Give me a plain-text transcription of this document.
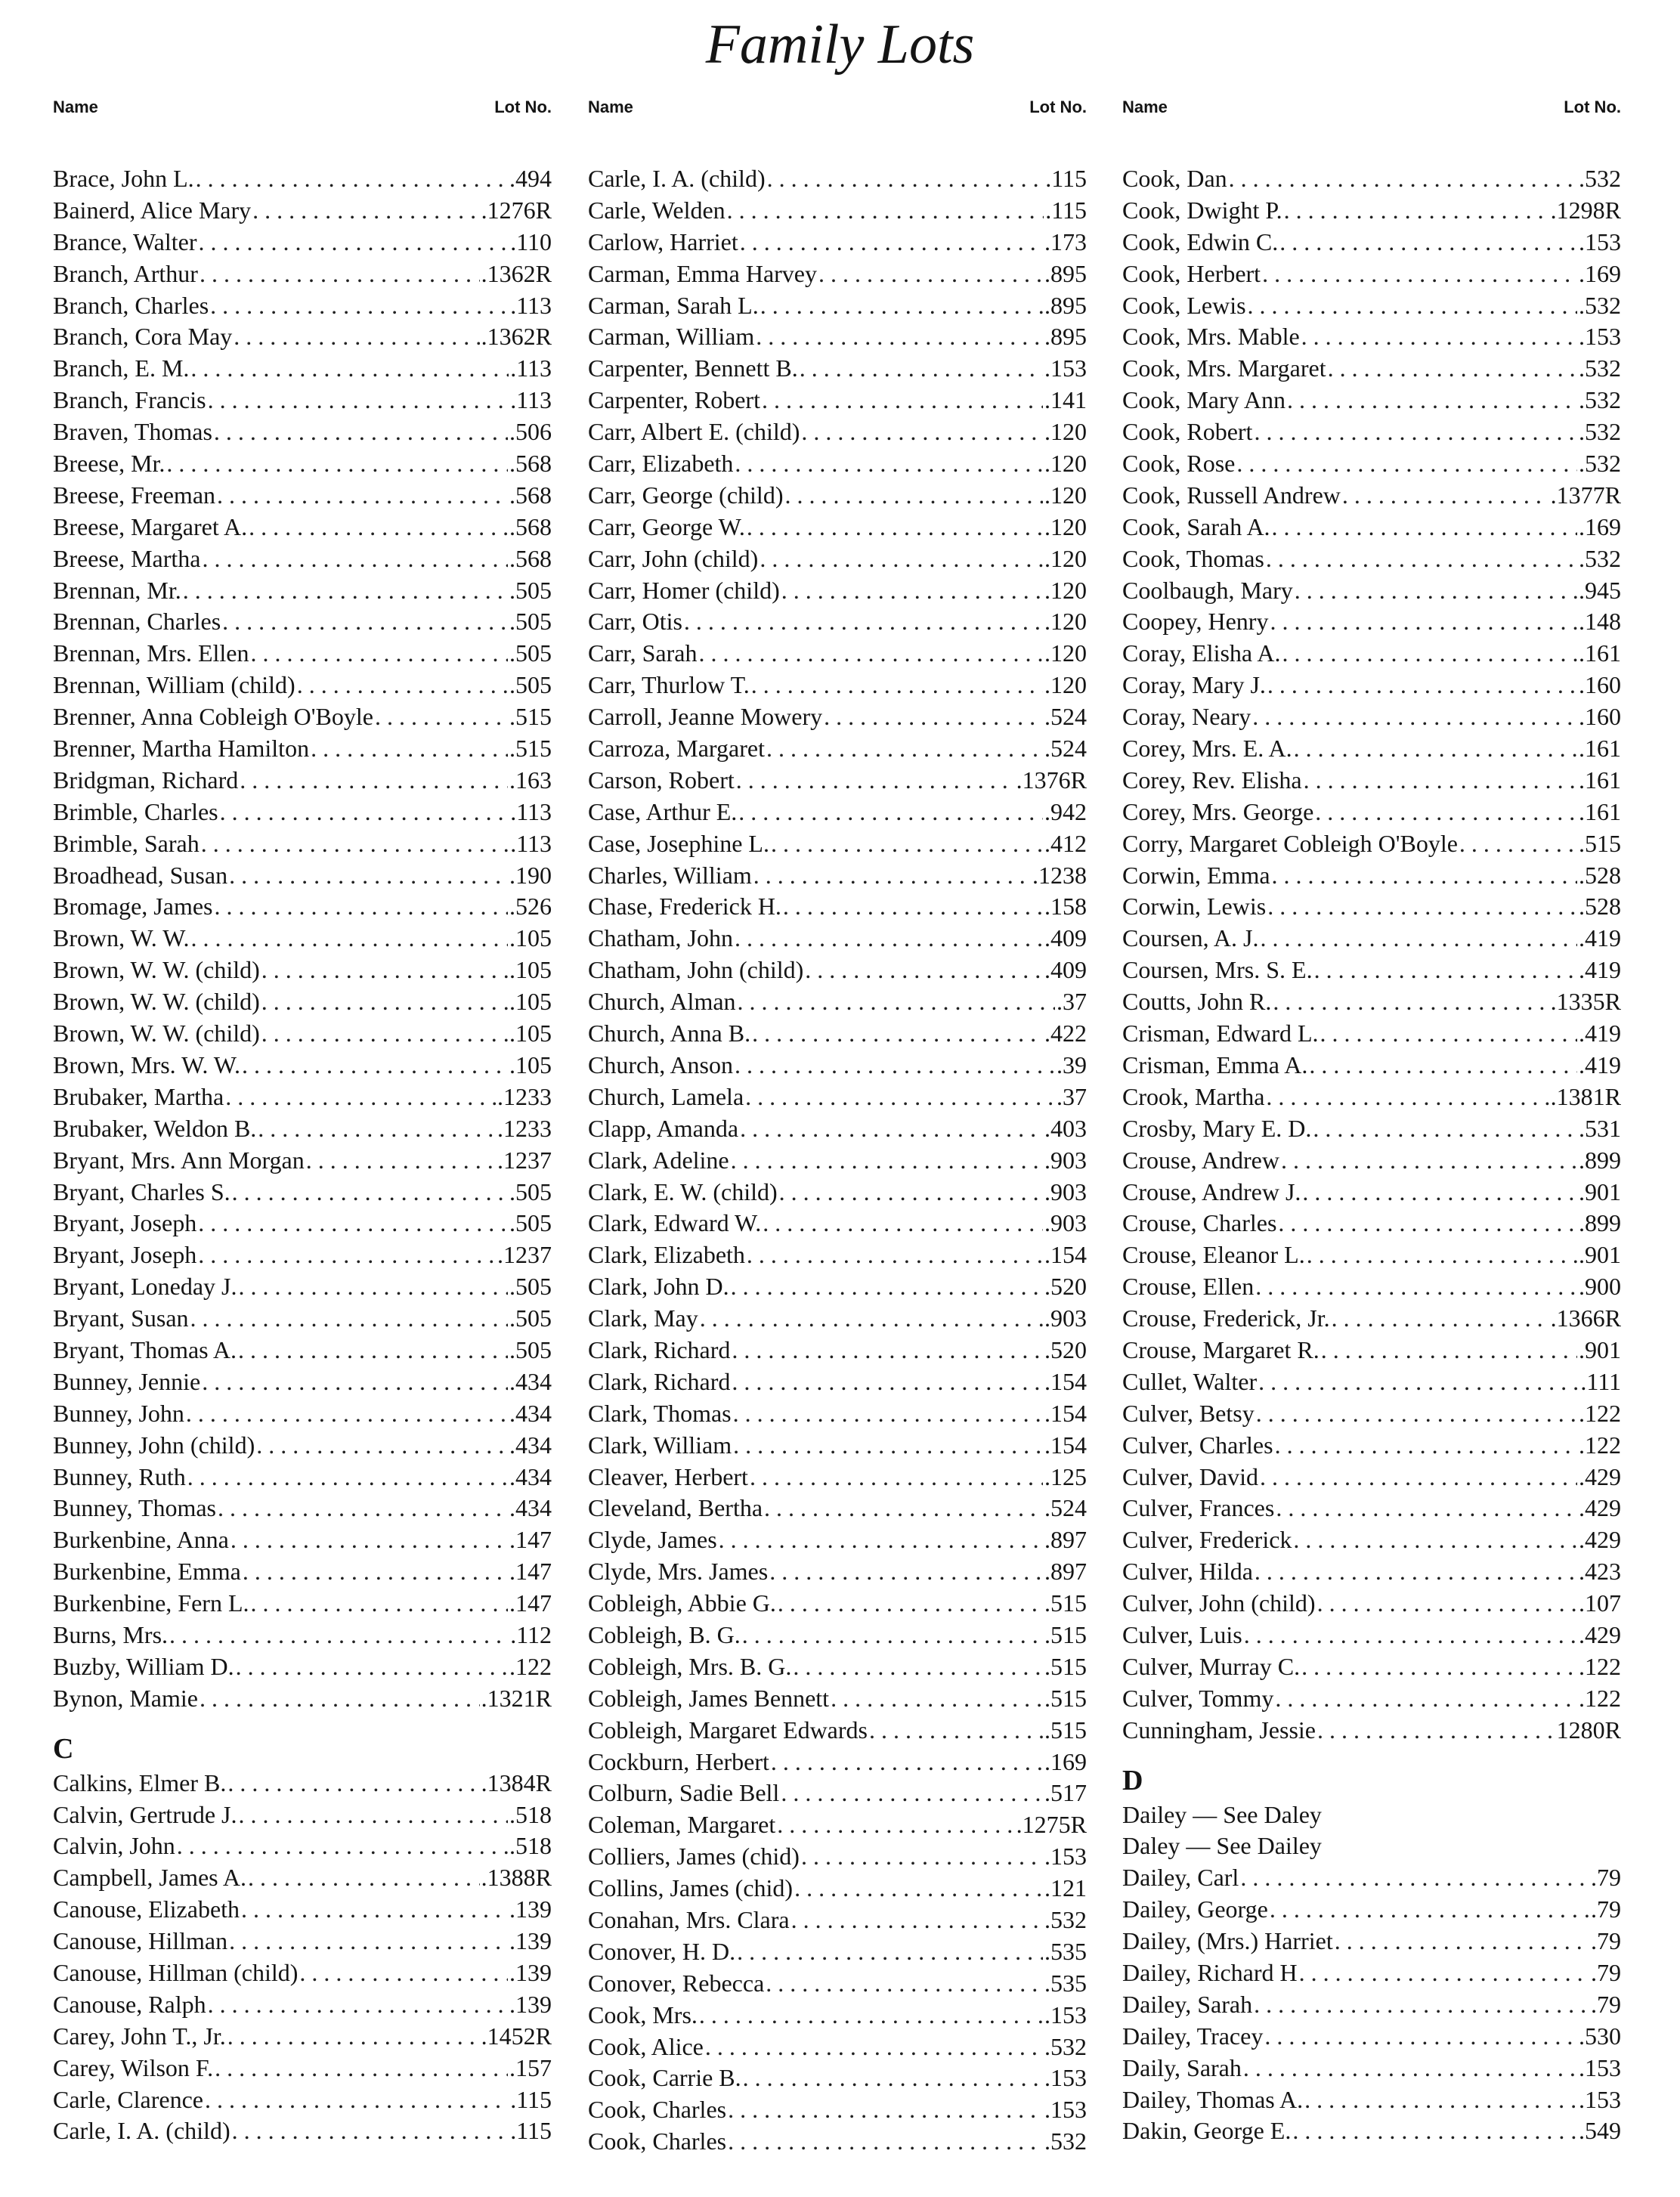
Family Lots
Name	Lot No.
Brace, John L. . . .	.494
Bainerd, Alice Mary . . .	.1276R
Brance, Walter . . .	.110
Branch, Arthur . . .	.1362R
Branch, Charles . . .	.113
Branch, Cora May . . .	.1362R
Branch, E. M. . . .	.113
Branch, Francis . . .	.113
Braven, Thomas . . .	.506
Breese, Mr. . . .	.568
Breese, Freeman . . .	.568
Breese, Margaret A. . . .	.568
Breese, Martha . . .	.568
Brennan, Mr. . . .	.505
Brennan, Charles . . .	.505
Brennan, Mrs. Ellen . . .	.505
Brennan, William (child) . . .	.505
Brenner, Anna Cobleigh O'Boyle . . .	.515
Brenner, Martha Hamilton . . .	.515
Bridgman, Richard . . .	.163
Brimble, Charles . . .	.113
Brimble, Sarah . . .	.113
Broadhead, Susan . . .	.190
Bromage, James . . .	.526
Brown, W. W. . . .	.105
Brown, W. W. (child) . . .	.105
Brown, W. W. (child) . . .	.105
Brown, W. W. (child) . . .	.105
Brown, Mrs. W. W. . . .	.105
Brubaker, Martha . . .	.1233
Brubaker, Weldon B. . . .	.1233
Bryant, Mrs. Ann Morgan . . .	.1237
Bryant, Charles S. . . .	.505
Bryant, Joseph . . .	.505
Bryant, Joseph . . .	.1237
Bryant, Loneday J. . . .	.505
Bryant, Susan . . .	.505
Bryant, Thomas A. . . .	.505
Bunney, Jennie . . .	.434
Bunney, John . . .	.434
Bunney, John (child) . . .	.434
Bunney, Ruth . . .	.434
Bunney, Thomas . . .	.434
Burkenbine, Anna . . .	.147
Burkenbine, Emma . . .	.147
Burkenbine, Fern L. . . .	.147
Burns, Mrs. . . .	.112
Buzby, William D. . . .	.122
Bynon, Mamie . . .	.1321R
C
Calkins, Elmer B. . . .	.1384R
Calvin, Gertrude J. . . .	.518
Calvin, John . . .	.518
Campbell, James A. . . .	.1388R
Canouse, Elizabeth . . .	.139
Canouse, Hillman . . .	.139
Canouse, Hillman (child) . . .	.139
Canouse, Ralph . . .	.139
Carey, John T., Jr. . . .	.1452R
Carey, Wilson F. . . .	.157
Carle, Clarence . . .	.115
Carle, I. A. (child) . . .	.115
Name	Lot No.
Carle, I. A. (child) . . .	.115
Carle, Welden . . .	.115
Carlow, Harriet . . .	.173
Carman, Emma Harvey . . .	.895
Carman, Sarah L. . . .	.895
Carman, William . . .	.895
Carpenter, Bennett B. . . .	.153
Carpenter, Robert . . .	.141
Carr, Albert E. (child) . . .	.120
Carr, Elizabeth . . .	.120
Carr, George (child) . . .	.120
Carr, George W. . . .	.120
Carr, John (child) . . .	.120
Carr, Homer (child) . . .	.120
Carr, Otis . . .	.120
Carr, Sarah . . .	.120
Carr, Thurlow T. . . .	.120
Carroll, Jeanne Mowery . . .	.524
Carroza, Margaret . . .	.524
Carson, Robert . . .	.1376R
Case, Arthur E. . . .	.942
Case, Josephine L. . . .	.412
Charles, William . . .	.1238
Chase, Frederick H. . . .	.158
Chatham, John . . .	.409
Chatham, John (child) . . .	.409
Church, Alman . . .	.37
Church, Anna B. . . .	.422
Church, Anson . . .	.39
Church, Lamela . . .	.37
Clapp, Amanda . . .	.403
Clark, Adeline . . .	.903
Clark, E. W. (child) . . .	.903
Clark, Edward W. . . .	.903
Clark, Elizabeth . . .	.154
Clark, John D. . . .	.520
Clark, May . . .	.903
Clark, Richard . . .	.520
Clark, Richard . . .	.154
Clark, Thomas . . .	.154
Clark, William . . .	.154
Cleaver, Herbert . . .	.125
Cleveland, Bertha . . .	.524
Clyde, James . . .	.897
Clyde, Mrs. James . . .	.897
Cobleigh, Abbie G. . . .	.515
Cobleigh, B. G. . . .	.515
Cobleigh, Mrs. B. G. . . .	.515
Cobleigh, James Bennett . . .	.515
Cobleigh, Margaret Edwards . . .	.515
Cockburn, Herbert . . .	.169
Colburn, Sadie Bell . . .	.517
Coleman, Margaret . . .	.1275R
Colliers, James (chid) . . .	.153
Collins, James (chid) . . .	.121
Conahan, Mrs. Clara . . .	.532
Conover, H. D. . . .	.535
Conover, Rebecca . . .	.535
Cook, Mrs. . . .	.153
Cook, Alice . . .	.532
Cook, Carrie B. . . .	.153
Cook, Charles . . .	.153
Cook, Charles . . .	.532
Name	Lot No.
Cook, Dan . . .	.532
Cook, Dwight P. . . .	.1298R
Cook, Edwin C. . . .	.153
Cook, Herbert . . .	.169
Cook, Lewis . . .	.532
Cook, Mrs. Mable . . .	.153
Cook, Mrs. Margaret . . .	.532
Cook, Mary Ann . . .	.532
Cook, Robert . . .	.532
Cook, Rose . . .	.532
Cook, Russell Andrew . . .	.1377R
Cook, Sarah A. . . .	.169
Cook, Thomas . . .	.532
Coolbaugh, Mary . . .	.945
Coopey, Henry . . .	.148
Coray, Elisha A. . . .	.161
Coray, Mary J. . . .	.160
Coray, Neary . . .	.160
Corey, Mrs. E. A. . . .	.161
Corey, Rev. Elisha . . .	.161
Corey, Mrs. George . . .	.161
Corry, Margaret Cobleigh O'Boyle . . .	.515
Corwin, Emma . . .	.528
Corwin, Lewis . . .	.528
Coursen, A. J. . . .	.419
Coursen, Mrs. S. E. . . .	.419
Coutts, John R. . . .	.1335R
Crisman, Edward L. . . .	.419
Crisman, Emma A. . . .	.419
Crook, Martha . . .	.1381R
Crosby, Mary E. D. . . .	.531
Crouse, Andrew . . .	.899
Crouse, Andrew J. . . .	.901
Crouse, Charles . . .	.899
Crouse, Eleanor L. . . .	.901
Crouse, Ellen . . .	.900
Crouse, Frederick, Jr. . . .	.1366R
Crouse, Margaret R. . . .	.901
Cullet, Walter . . .	.111
Culver, Betsy . . .	.122
Culver, Charles . . .	.122
Culver, David . . .	.429
Culver, Frances . . .	.429
Culver, Frederick . . .	.429
Culver, Hilda . . .	.423
Culver, John (child) . . .	.107
Culver, Luis . . .	.429
Culver, Murray C. . . .	.122
Culver, Tommy . . .	.122
Cunningham, Jessie . . .	1280R
D
Dailey — See Daley
Daley — See Dailey
Dailey, Carl . . .	.79
Dailey, George . . .	.79
Dailey, (Mrs.) Harriet . . .	.79
Dailey, Richard H . . .	.79
Dailey, Sarah . . .	.79
Dailey, Tracey . . .	.530
Daily, Sarah . . .	.153
Dailey, Thomas A. . . .	.153
Dakin, George E. . . .	.549
